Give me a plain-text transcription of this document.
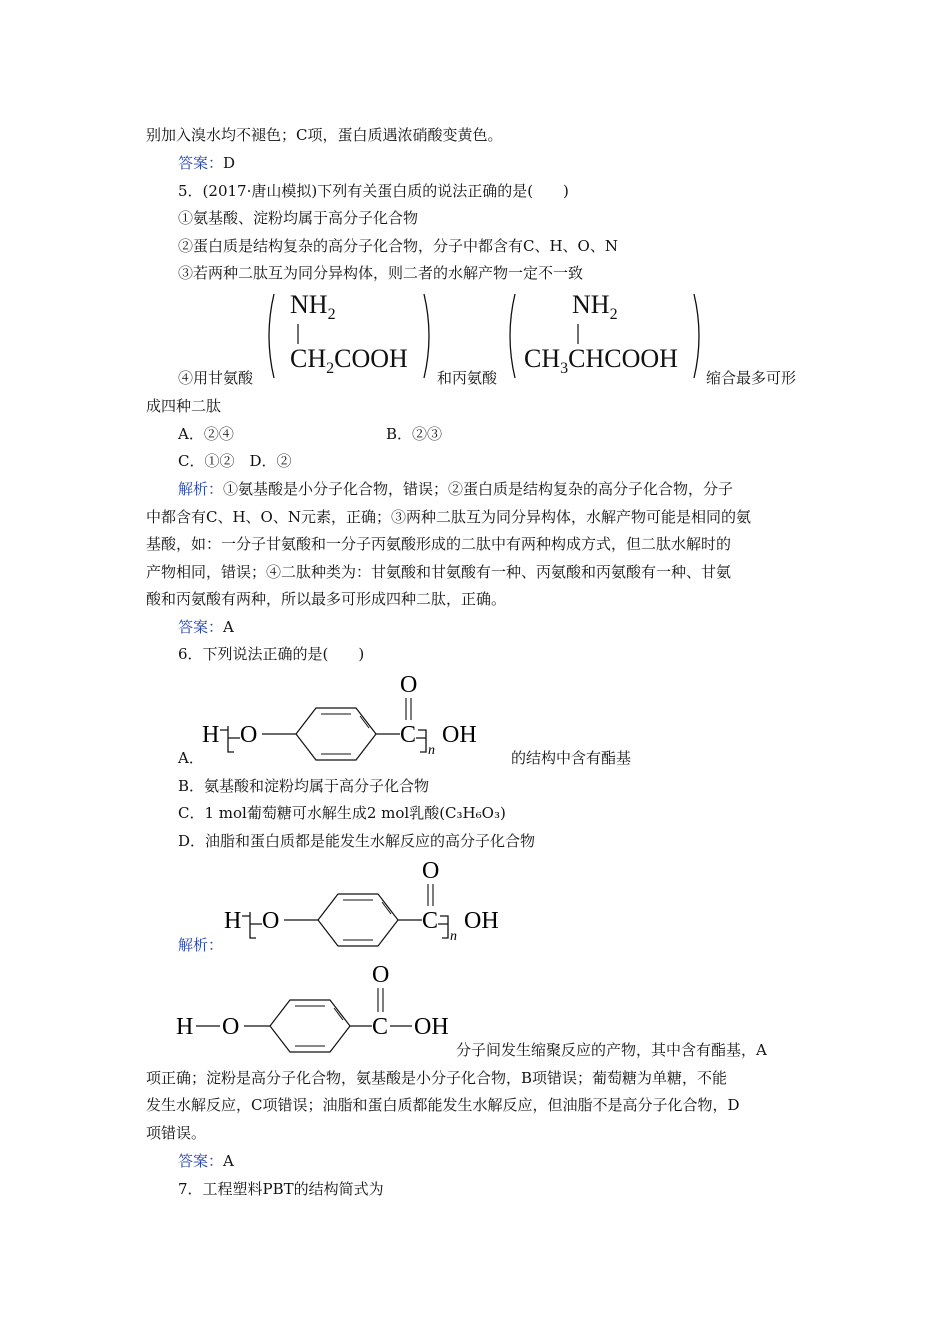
别加入溴水均不褪色；C项，蛋白质遇浓硝酸变黄色。
答案：D
5．(2017·唐山模拟)下列有关蛋白质的说法正确的是(　　)
①氨基酸、淀粉均属于高分子化合物
②蛋白质是结构复杂的高分子化合物，分子中都含有C、H、O、N
③若两种二肽互为同分异构体，则二者的水解产物一定不一致
④用甘氨酸
$NH_2$
$CH_2COOH$
和丙氨酸
$NH_2$
$CH_3CHCOOH$
缩合最多可形
成四种二肽
A．②④	B．②③
C．①②　D．②
解析：①氨基酸是小分子化合物，错误；②蛋白质是结构复杂的高分子化合物，分子
中都含有C、H、O、N元素，正确；③两种二肽互为同分异构体，水解产物可能是相同的氨
基酸，如：一分子甘氨酸和一分子丙氨酸形成的二肽中有两种构成方式，但二肽水解时的
产物相同，错误；④二肽种类为：甘氨酸和甘氨酸有一种、丙氨酸和丙氨酸有一种、甘氨
酸和丙氨酸有两种，所以最多可形成四种二肽，正确。
答案：A
6．下列说法正确的是(　　)
A．
H O	C
O
n
OH
的结构中含有酯基
B．氨基酸和淀粉均属于高分子化合物
C．1 mol葡萄糖可水解生成2 mol乳酸(C₃H₆O₃)
D．油脂和蛋白质都是能发生水解反应的高分子化合物
解析：
H O	C
O
n
OH
H O	C
O
OH
分子间发生缩聚反应的产物，其中含有酯基，A
项正确；淀粉是高分子化合物，氨基酸是小分子化合物，B项错误；葡萄糖为单糖，不能
发生水解反应，C项错误；油脂和蛋白质都能发生水解反应，但油脂不是高分子化合物，D
项错误。
答案：A
7．工程塑料PBT的结构简式为
